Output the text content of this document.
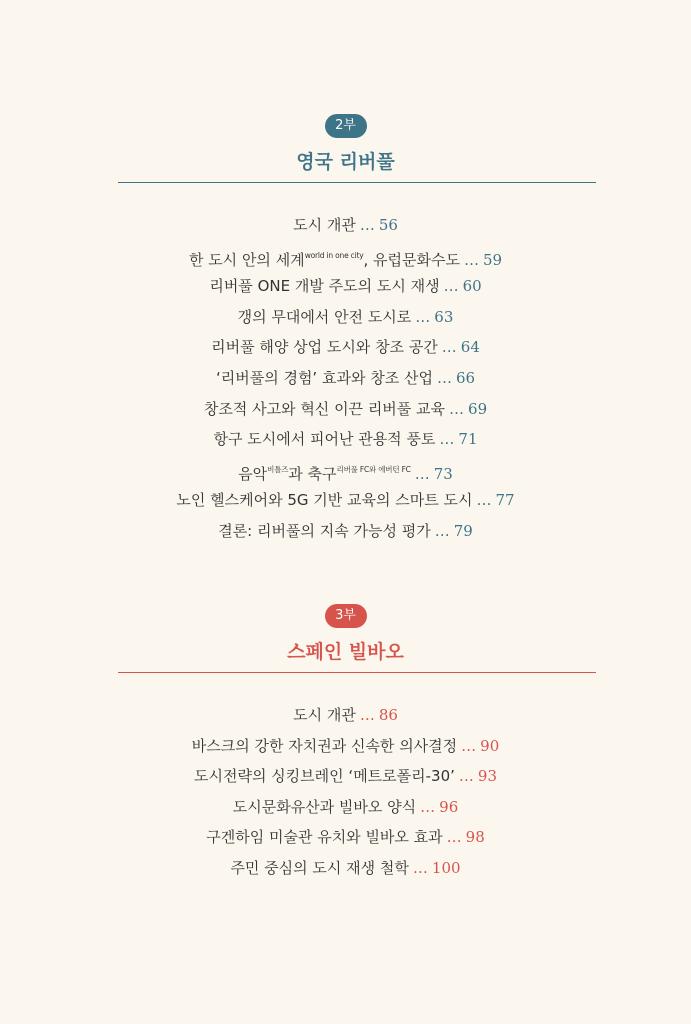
2부
영국 리버풀
도시 개관 … 56
한 도시 안의 세계$^{world in one city}$, 유럽문화수도 … 59
리버풀 ONE 개발 주도의 도시 재생 … 60
갱의 무대에서 안전 도시로 … 63
리버풀 해양 상업 도시와 창조 공간 … 64
‘리버풀의 경험’ 효과와 창조 산업 … 66
창조적 사고와 혁신 이끈 리버풀 교육 … 69
항구 도시에서 피어난 관용적 풍토 … 71
음악$^{비틀즈}$과 축구$^{리버풀 FC와 에버턴 FC}$ … 73
노인 헬스케어와 5G 기반 교육의 스마트 도시 … 77
결론: 리버풀의 지속 가능성 평가 … 79
3부
스페인 빌바오
도시 개관 … 86
바스크의 강한 자치권과 신속한 의사결정 … 90
도시전략의 싱킹브레인 ‘메트로폴리-30’ … 93
도시문화유산과 빌바오 양식 … 96
구겐하임 미술관 유치와 빌바오 효과 … 98
주민 중심의 도시 재생 철학 … 100
